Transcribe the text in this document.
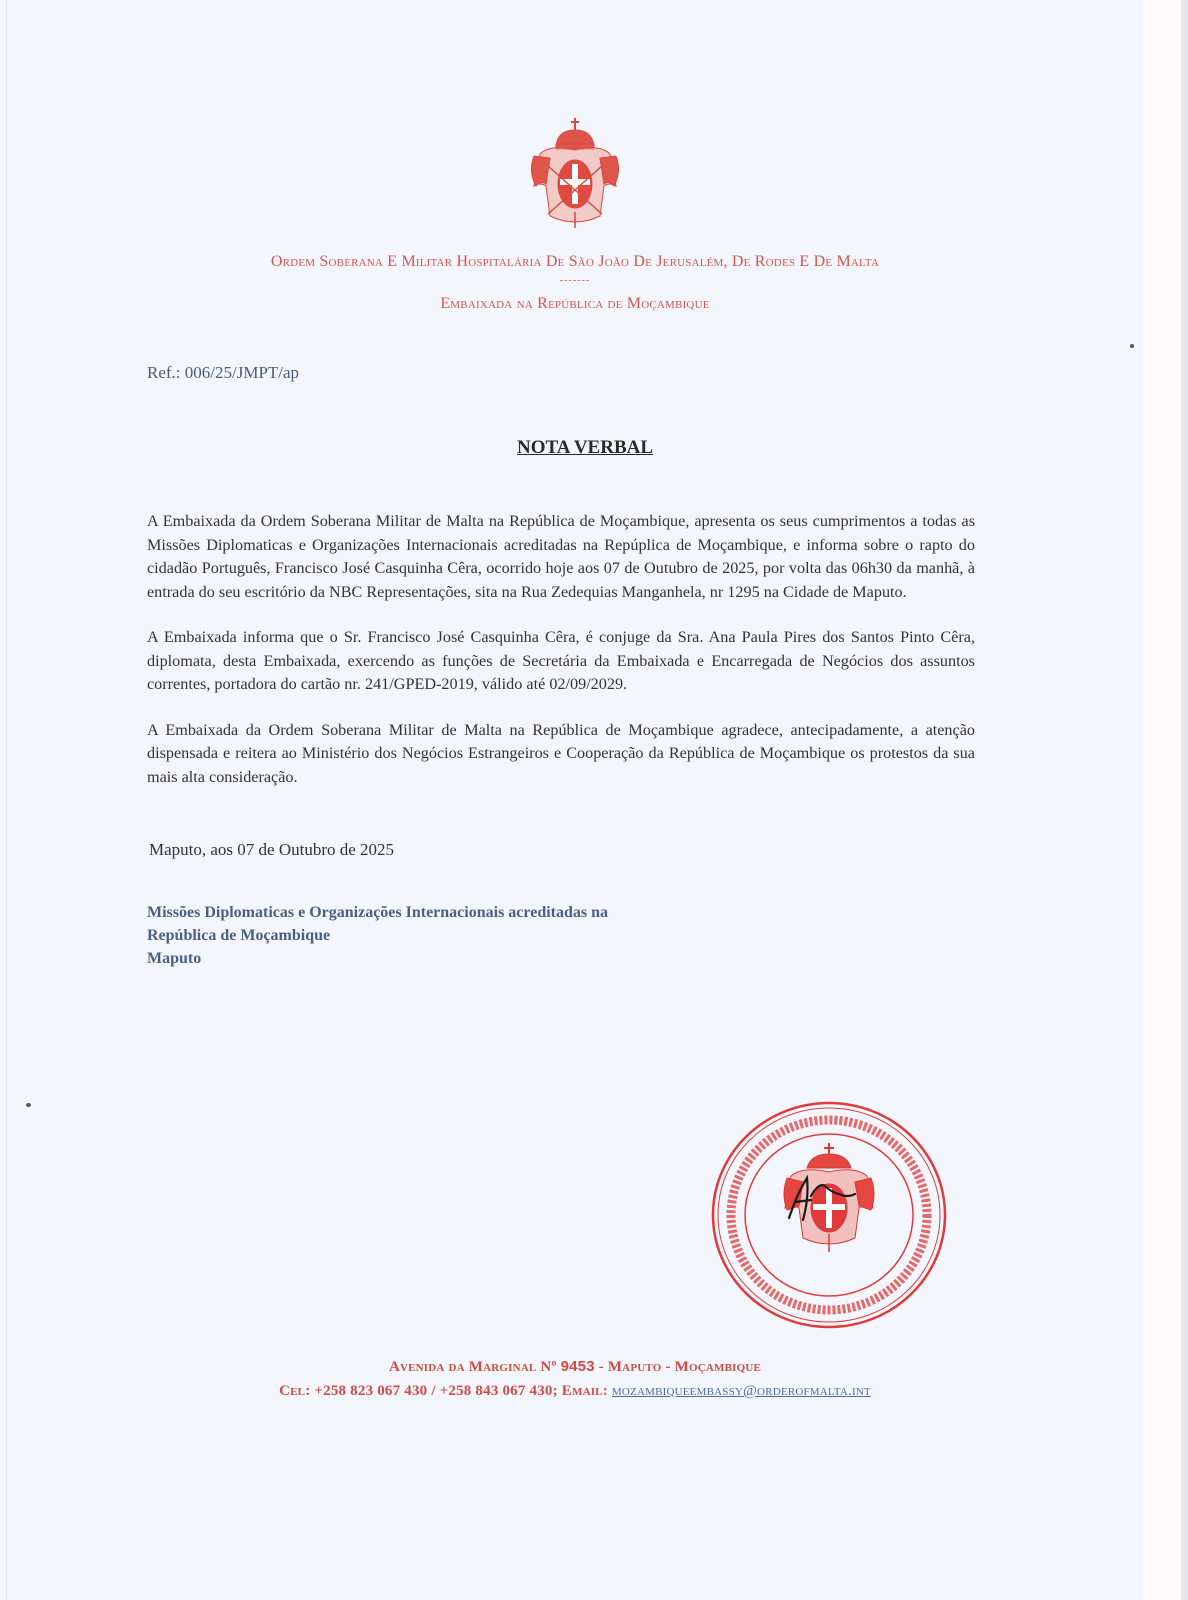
Ordem Soberana E Militar Hospitalária De São João De Jerusalém, De Rodes E De Malta
-------
Embaixada na República de Moçambique
Ref.: 006/25/JMPT/ap
NOTA VERBAL

A Embaixada da Ordem Soberana Militar de Malta na República de Moçambique, apresenta os seus cumprimentos a todas as Missões Diplomaticas e Organizações Internacionais acreditadas na Repúplica de Moçambique, e informa sobre o rapto do cidadão Português, Francisco José Casquinha Cêra, ocorrido hoje aos 07 de Outubro de 2025, por volta das 06h30 da manhã, à entrada do seu escritório da NBC Representações, sita na Rua Zedequias Manganhela, nr 1295 na Cidade de Maputo.

A Embaixada informa que o Sr. Francisco José Casquinha Cêra, é conjuge da Sra. Ana Paula Pires dos Santos Pinto Cêra, diplomata, desta Embaixada, exercendo as funções de Secretária da Embaixada e Encarregada de Negócios dos assuntos correntes, portadora do cartão nr. 241/GPED-2019, válido até 02/09/2029.

A Embaixada da Ordem Soberana Militar de Malta na República de Moçambique agradece, antecipadamente, a atenção dispensada e reitera ao Ministério dos Negócios Estrangeiros e Cooperação da República de Moçambique os protestos da sua mais alta consideração.

Maputo, aos 07 de Outubro de 2025
Missões Diplomaticas e Organizações Internacionais acreditadas na
República de Moçambique
Maputo
Avenida da Marginal Nº 9453 - Maputo - Moçambique
Cel: +258 823 067 430 / +258 843 067 430; Email: mozambiqueembassy@orderofmalta.int
